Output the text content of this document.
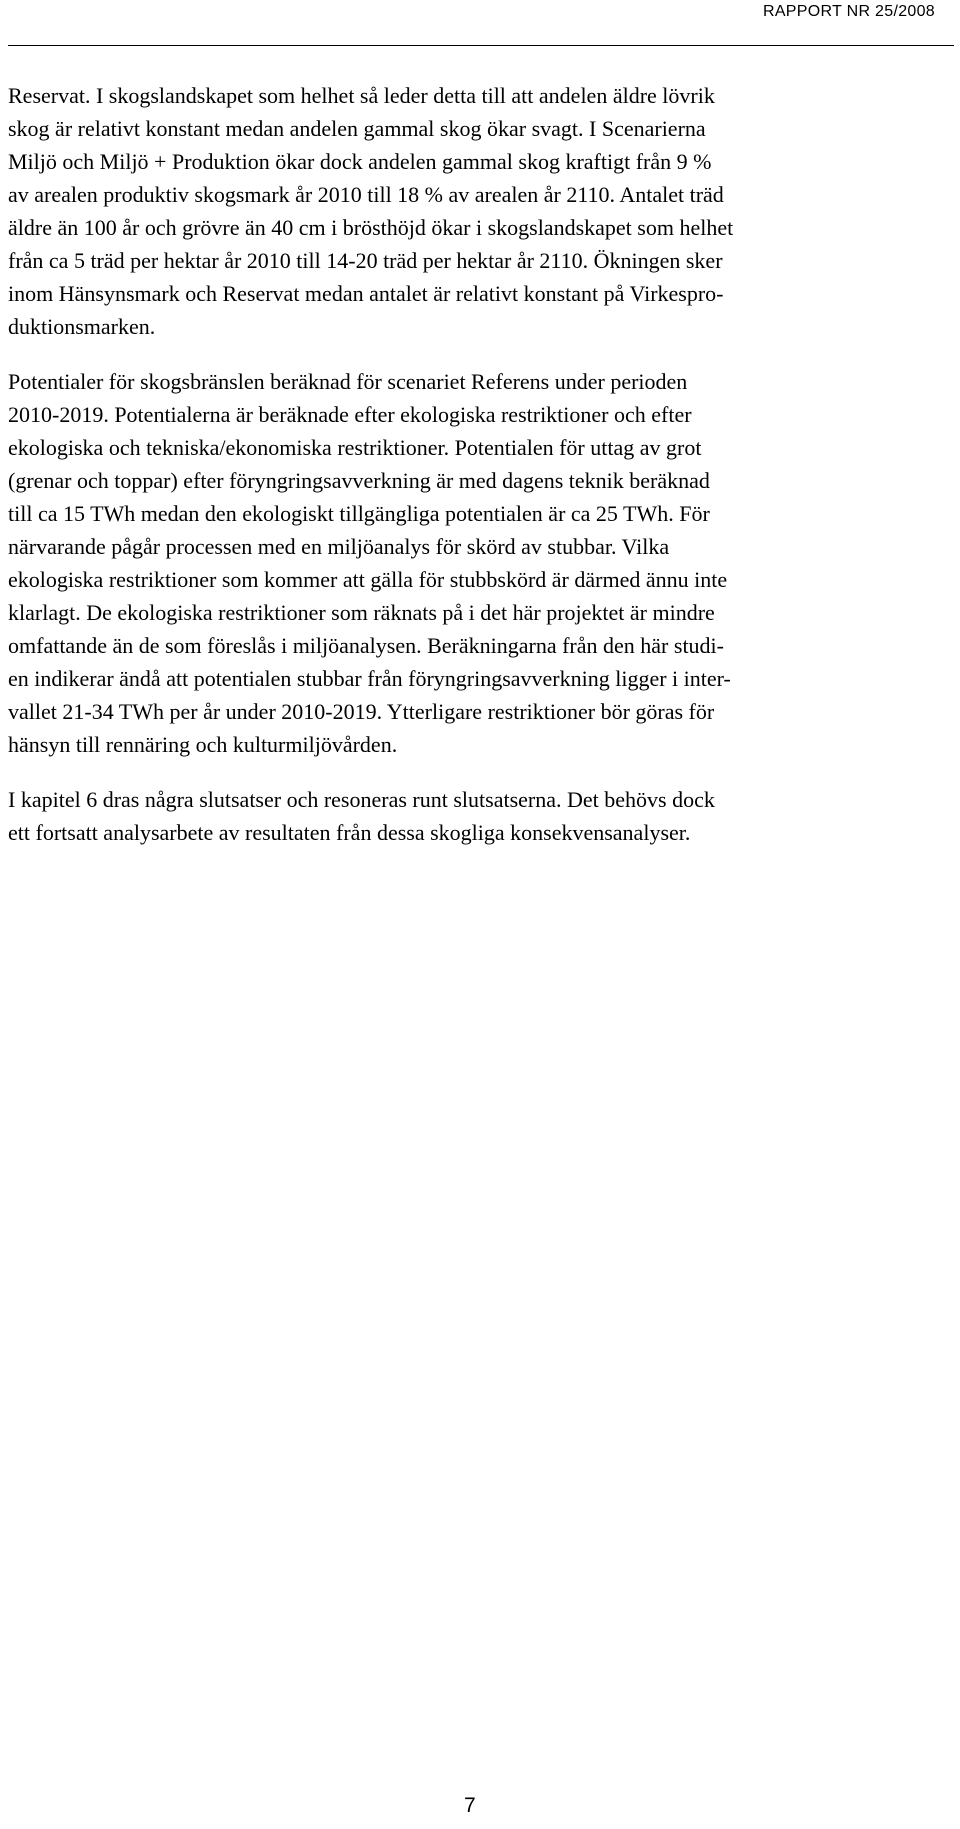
RAPPORT NR 25/2008

Reservat. I skogslandskapet som helhet så leder detta till att andelen äldre lövrik
skog är relativt konstant medan andelen gammal skog ökar svagt. I Scenarierna
Miljö och Miljö + Produktion ökar dock andelen gammal skog kraftigt från 9 %
av arealen produktiv skogsmark år 2010 till 18 % av arealen år 2110. Antalet träd
äldre än 100 år och grövre än 40 cm i brösthöjd ökar i skogslandskapet som helhet
från ca 5 träd per hektar år 2010 till 14-20 träd per hektar år 2110. Ökningen sker
inom Hänsynsmark och Reservat medan antalet är relativt konstant på Virkespro-
duktionsmarken.

Potentialer för skogsbränslen beräknad för scenariet Referens under perioden
2010-2019. Potentialerna är beräknade efter ekologiska restriktioner och efter
ekologiska och tekniska/ekonomiska restriktioner. Potentialen för uttag av grot
(grenar och toppar) efter föryngringsavverkning är med dagens teknik beräknad
till ca 15 TWh medan den ekologiskt tillgängliga potentialen är ca 25 TWh. För
närvarande pågår processen med en miljöanalys för skörd av stubbar. Vilka
ekologiska restriktioner som kommer att gälla för stubbskörd är därmed ännu inte
klarlagt. De ekologiska restriktioner som räknats på i det här projektet är mindre
omfattande än de som föreslås i miljöanalysen. Beräkningarna från den här studi-
en indikerar ändå att potentialen stubbar från föryngringsavverkning ligger i inter-
vallet 21-34 TWh per år under 2010-2019. Ytterligare restriktioner bör göras för
hänsyn till rennäring och kulturmiljövården.

I kapitel 6 dras några slutsatser och resoneras runt slutsatserna. Det behövs dock
ett fortsatt analysarbete av resultaten från dessa skogliga konsekvensanalyser.

7
